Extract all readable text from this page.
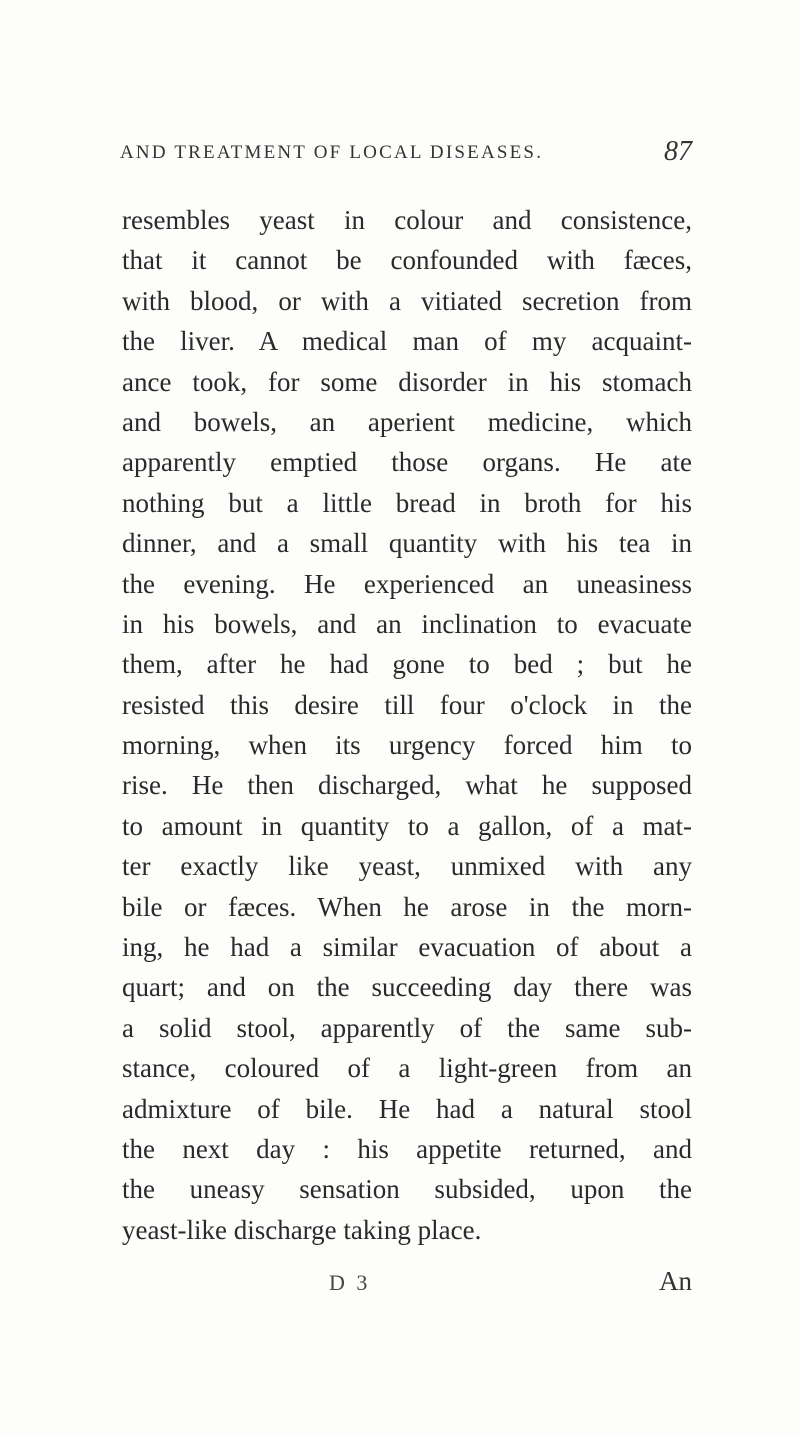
AND TREATMENT OF LOCAL DISEASES.	87
resembles yeast in colour and consistence,
that it cannot be confounded with fæces,
with blood, or with a vitiated secretion from
the liver. A medical man of my acquaint-
ance took, for some disorder in his stomach
and bowels, an aperient medicine, which
apparently emptied those organs. He ate
nothing but a little bread in broth for his
dinner, and a small quantity with his tea in
the evening. He experienced an uneasiness
in his bowels, and an inclination to evacuate
them, after he had gone to bed ; but he
resisted this desire till four o'clock in the
morning, when its urgency forced him to
rise. He then discharged, what he supposed
to amount in quantity to a gallon, of a mat-
ter exactly like yeast, unmixed with any
bile or fæces. When he arose in the morn-
ing, he had a similar evacuation of about a
quart; and on the succeeding day there was
a solid stool, apparently of the same sub-
stance, coloured of a light-green from an
admixture of bile. He had a natural stool
the next day : his appetite returned, and
the uneasy sensation subsided, upon the
yeast-like discharge taking place.
D 3	An
